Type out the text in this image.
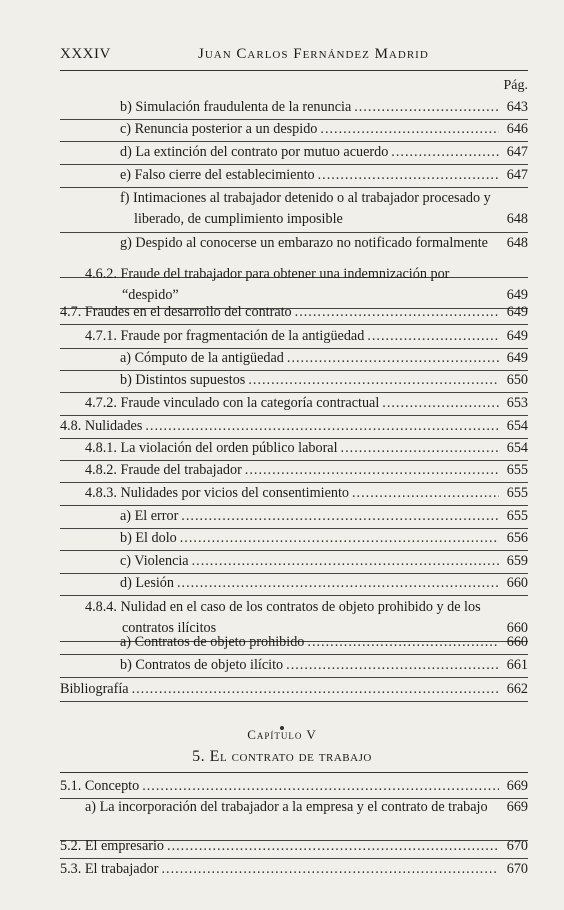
XXXIV	Juan Carlos Fernández Madrid
Pág.
b) Simulación fraudulenta de la renuncia .....	643
c) Renuncia posterior a un despido .....	646
d) La extinción del contrato por mutuo acuerdo .....	647
e) Falso cierre del establecimiento .....	647
f) Intimaciones al trabajador detenido o al trabajador procesado y liberado, de cumplimiento imposible	648
g) Despido al conocerse un embarazo no notificado formalmente	648
4.6.2. Fraude del trabajador para obtener una indemnización por “despido”	649
4.7. Fraudes en el desarrollo del contrato .....	649
4.7.1. Fraude por fragmentación de la antigüedad .....	649
a) Cómputo de la antigüedad .....	649
b) Distintos supuestos .....	650
4.7.2. Fraude vinculado con la categoría contractual .....	653
4.8. Nulidades .....	654
4.8.1. La violación del orden público laboral .....	654
4.8.2. Fraude del trabajador .....	655
4.8.3. Nulidades por vicios del consentimiento .....	655
a) El error .....	655
b) El dolo .....	656
c) Violencia .....	659
d) Lesión .....	660
4.8.4. Nulidad en el caso de los contratos de objeto prohibido y de los contratos ilícitos	660
a) Contratos de objeto prohibido .....	660
b) Contratos de objeto ilícito .....	661
Bibliografía .....	662
Capítulo V
5. El contrato de trabajo
5.1. Concepto .....	669
a) La incorporación del trabajador a la empresa y el contrato de trabajo	669
5.2. El empresario .....	670
5.3. El trabajador .....	670
